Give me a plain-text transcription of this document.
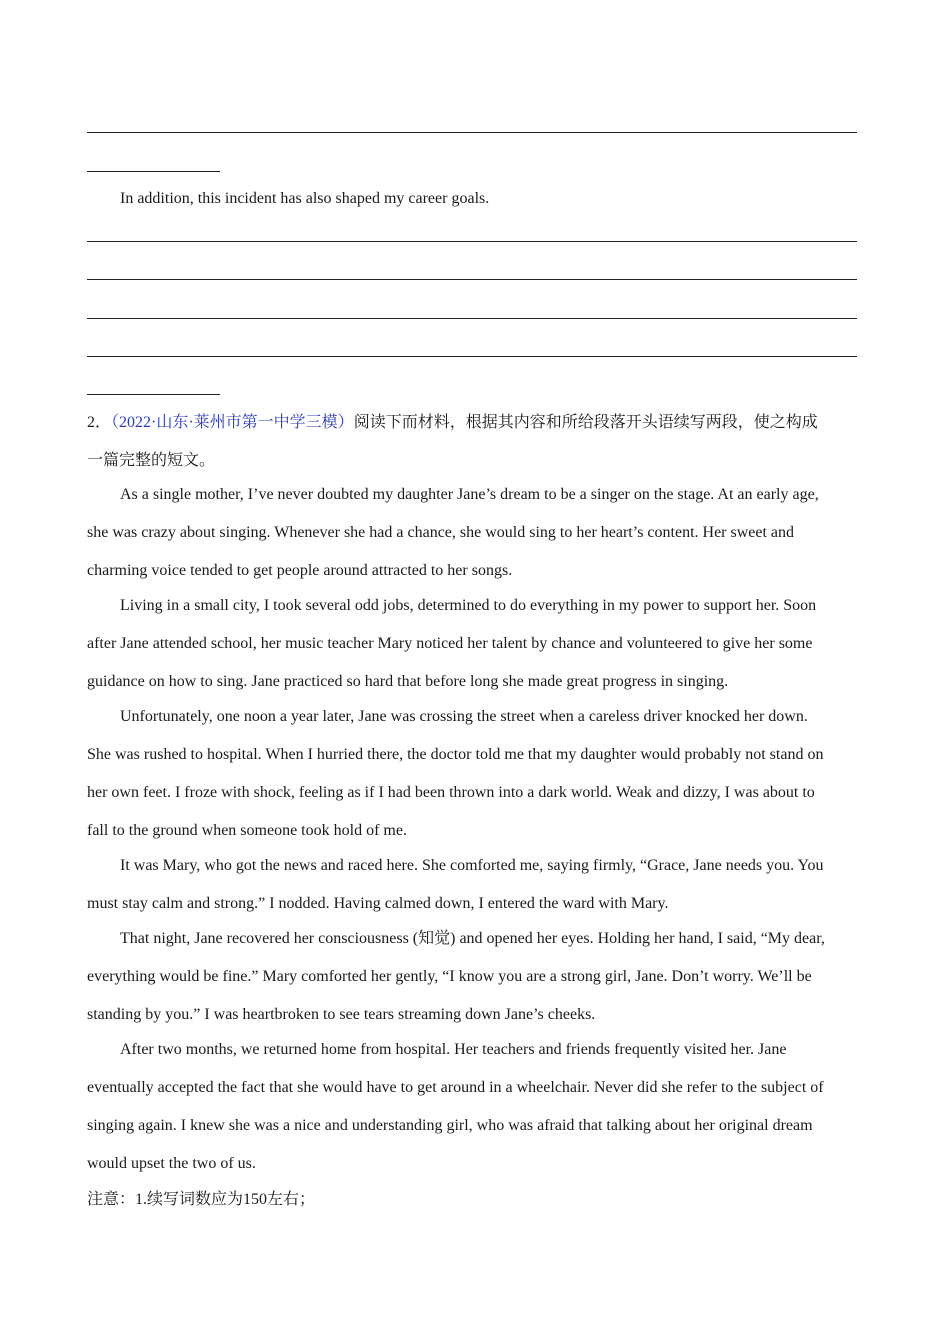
In addition, this incident has also shaped my career goals.
2．（2022·山东·莱州市第一中学三模）阅读下而材料，根据其内容和所给段落开头语续写两段，使之构成
一篇完整的短文。
As a single mother, I’ve never doubted my daughter Jane’s dream to be a singer on the stage. At an early age,
she was crazy about singing. Whenever she had a chance, she would sing to her heart’s content. Her sweet and
charming voice tended to get people around attracted to her songs.
Living in a small city, I took several odd jobs, determined to do everything in my power to support her. Soon
after Jane attended school, her music teacher Mary noticed her talent by chance and volunteered to give her some
guidance on how to sing. Jane practiced so hard that before long she made great progress in singing.
Unfortunately, one noon a year later, Jane was crossing the street when a careless driver knocked her down.
She was rushed to hospital. When I hurried there, the doctor told me that my daughter would probably not stand on
her own feet. I froze with shock, feeling as if I had been thrown into a dark world. Weak and dizzy, I was about to
fall to the ground when someone took hold of me.
It was Mary, who got the news and raced here. She comforted me, saying firmly, “Grace, Jane needs you. You
must stay calm and strong.” I nodded. Having calmed down, I entered the ward with Mary.
That night, Jane recovered her consciousness (知觉) and opened her eyes. Holding her hand, I said, “My dear,
everything would be fine.” Mary comforted her gently, “I know you are a strong girl, Jane. Don’t worry. We’ll be
standing by you.” I was heartbroken to see tears streaming down Jane’s cheeks.
After two months, we returned home from hospital. Her teachers and friends frequently visited her. Jane
eventually accepted the fact that she would have to get around in a wheelchair. Never did she refer to the subject of
singing again. I knew she was a nice and understanding girl, who was afraid that talking about her original dream
would upset the two of us.
注意：1.续写词数应为150左右；
